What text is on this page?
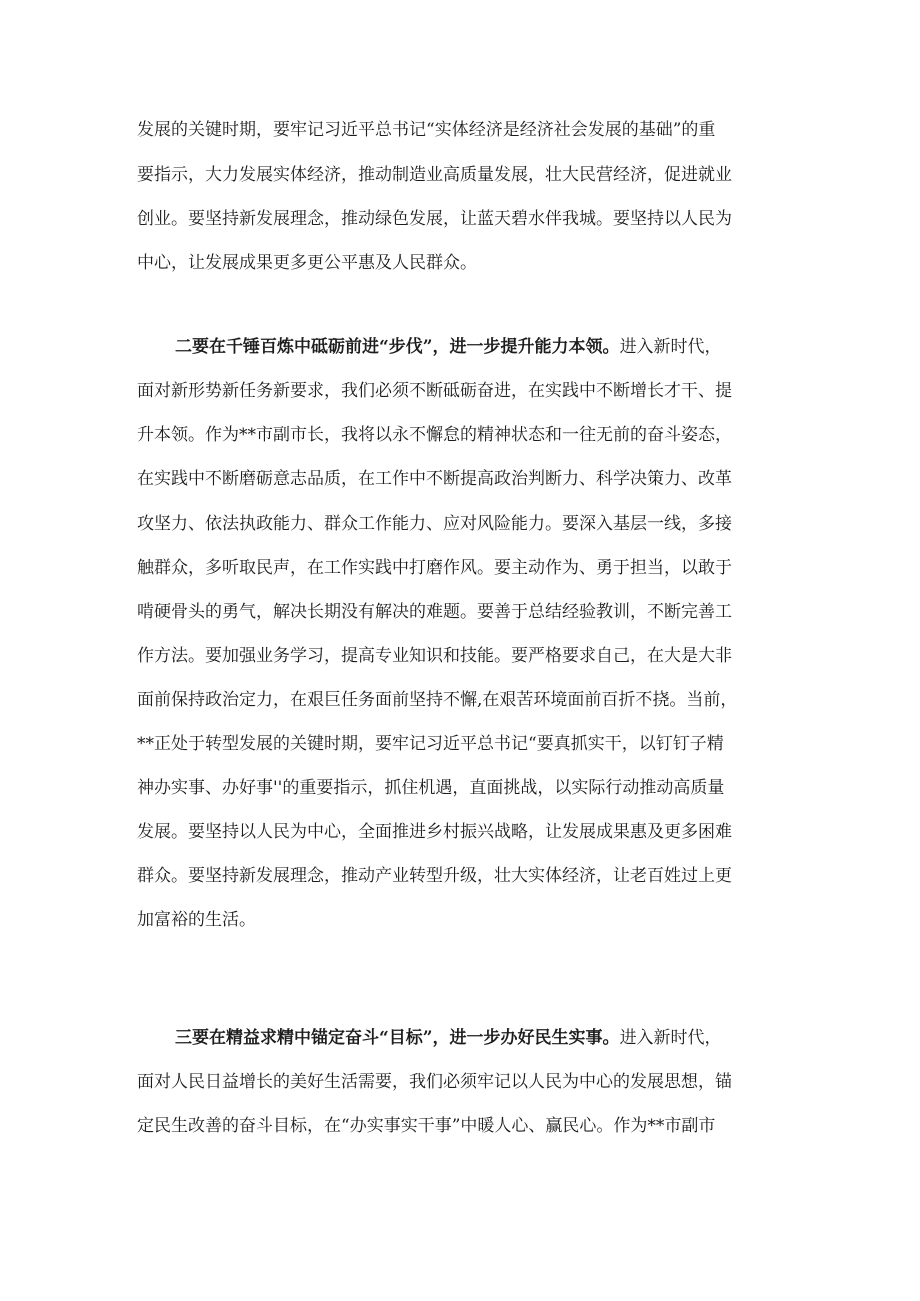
发展的关键时期，要牢记习近平总书记“实体经济是经济社会发展的基础”的重
要指示，大力发展实体经济，推动制造业高质量发展，壮大民营经济，促进就业
创业。要坚持新发展理念，推动绿色发展，让蓝天碧水伴我城。要坚持以人民为
中心，让发展成果更多更公平惠及人民群众。
二要在千锤百炼中砥砺前进“步伐”，进一步提升能力本领。进入新时代，
面对新形势新任务新要求，我们必须不断砥砺奋进，在实践中不断增长才干、提
升本领。作为**市副市长，我将以永不懈怠的精神状态和一往无前的奋斗姿态，
在实践中不断磨砺意志品质，在工作中不断提高政治判断力、科学决策力、改革
攻坚力、依法执政能力、群众工作能力、应对风险能力。要深入基层一线，多接
触群众，多听取民声，在工作实践中打磨作风。要主动作为、勇于担当，以敢于
啃硬骨头的勇气，解决长期没有解决的难题。要善于总结经验教训，不断完善工
作方法。要加强业务学习，提高专业知识和技能。要严格要求自己，在大是大非
面前保持政治定力，在艰巨任务面前坚持不懈,在艰苦环境面前百折不挠。当前，
**正处于转型发展的关键时期，要牢记习近平总书记“要真抓实干，以钉钉子精
神办实事、办好事''的重要指示，抓住机遇，直面挑战，以实际行动推动高质量
发展。要坚持以人民为中心，全面推进乡村振兴战略，让发展成果惠及更多困难
群众。要坚持新发展理念，推动产业转型升级，壮大实体经济，让老百姓过上更
加富裕的生活。
三要在精益求精中锚定奋斗“目标”，进一步办好民生实事。进入新时代，
面对人民日益增长的美好生活需要，我们必须牢记以人民为中心的发展思想，锚
定民生改善的奋斗目标，在“办实事实干事”中暖人心、赢民心。作为**市副市
